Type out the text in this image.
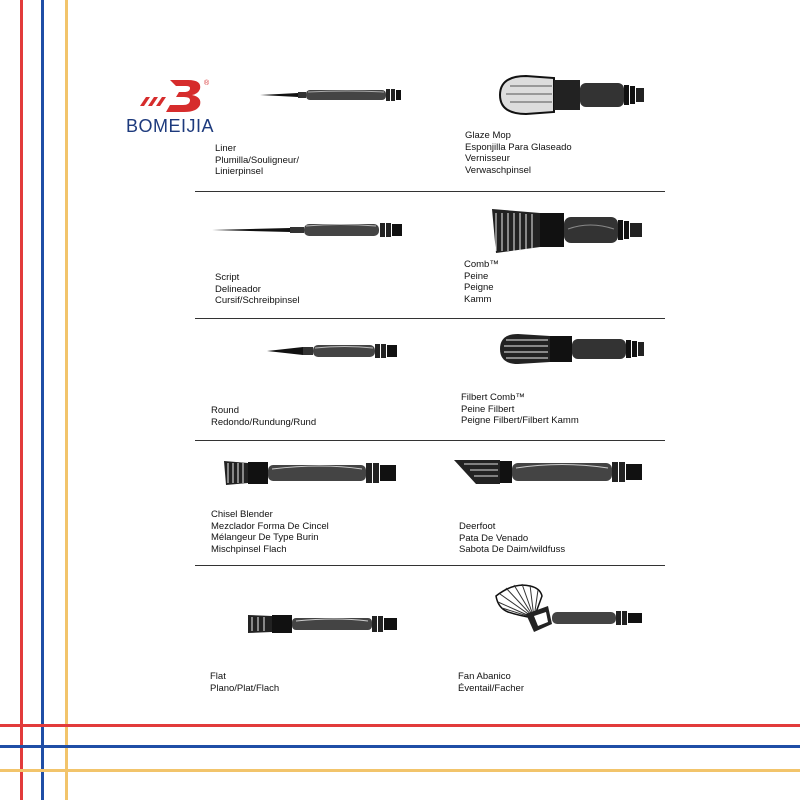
®
BOMEIJIA
Liner
Plumilla/Souligneur/
Linierpinsel
Glaze Mop
Esponjilla Para Glaseado
Vernisseur
Verwaschpinsel
Script
Delineador
Cursif/Schreibpinsel
Comb™
Peine
Peigne
Kamm
Round
Redondo/Rundung/Rund
Filbert Comb™
Peine Filbert
Peigne Filbert/Filbert Kamm
Chisel Blender
Mezclador Forma De Cincel
Mélangeur De Type Burin
Mischpinsel Flach
Deerfoot
Pata De Venado
Sabota De Daim/wildfuss
Flat
Plano/Plat/Flach
Fan Abanico
Éventail/Facher
